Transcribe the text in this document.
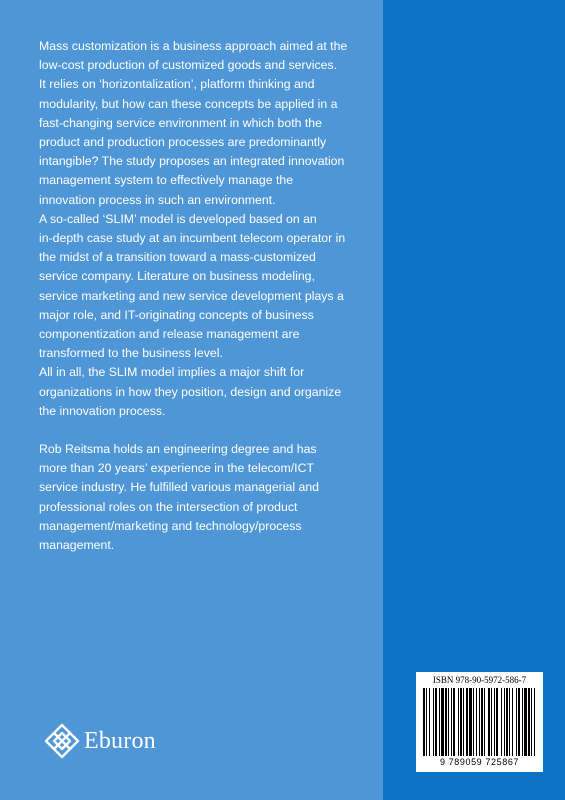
Mass customization is a business approach aimed at the

low-cost production of customized goods and services.

It relies on ‘horizontalization’, platform thinking and

modularity, but how can these concepts be applied in a

fast-changing service environment in which both the

product and production processes are predominantly

intangible? The study proposes an integrated innovation

management system to effectively manage the

innovation process in such an environment.

A so-called ‘SLIM’ model is developed based on an

in-depth case study at an incumbent telecom operator in

the midst of a transition toward a mass-customized

service company. Literature on business modeling,

service marketing and new service development plays a

major role, and IT-originating concepts of business

componentization and release management are

transformed to the business level.

All in all, the SLIM model implies a major shift for

organizations in how they position, design and organize

the innovation process.

Rob Reitsma holds an engineering degree and has

more than 20 years’ experience in the telecom/ICT

service industry. He fulfilled various managerial and

professional roles on the intersection of product

management/marketing and technology/process

management.

Eburon
ISBN 978-90-5972-586-7
9 789059 725867
